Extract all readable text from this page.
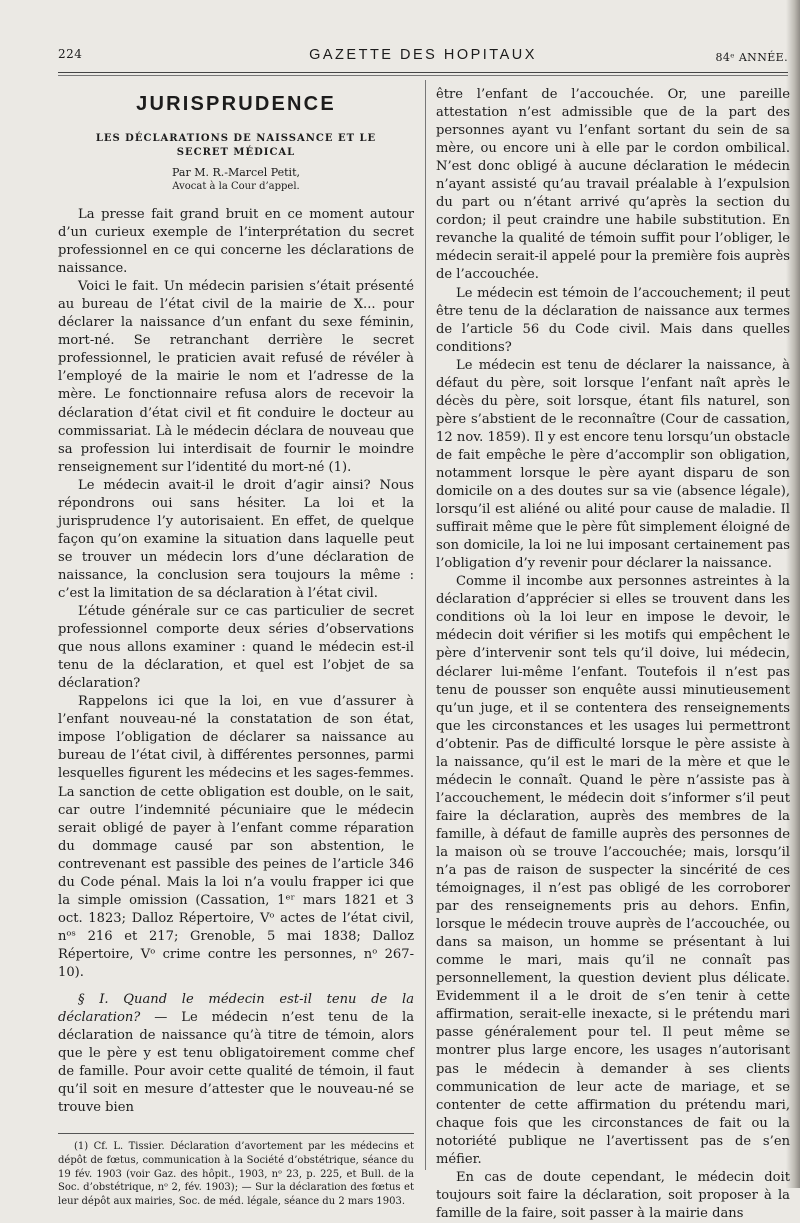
224	GAZETTE DES HOPITAUX	84ᵉ ANNÉE.
JURISPRUDENCE
LES DÉCLARATIONS DE NAISSANCE ET LE SECRET MÉDICAL
Par M. R.-Marcel Petit,
Avocat à la Cour d’appel.

La presse fait grand bruit en ce moment autour d’un curieux exemple de l’interprétation du secret professionnel en ce qui concerne les déclarations de naissance.

Voici le fait. Un médecin parisien s’était présenté au bureau de l’état civil de la mairie de X... pour déclarer la naissance d’un enfant du sexe féminin, mort-né. Se retranchant derrière le secret professionnel, le praticien avait refusé de révéler à l’employé de la mairie le nom et l’adresse de la mère. Le fonctionnaire refusa alors de recevoir la déclaration d’état civil et fit conduire le docteur au commissariat. Là le médecin déclara de nouveau que sa profession lui interdisait de fournir le moindre renseignement sur l’identité du mort-né (1).

Le médecin avait-il le droit d’agir ainsi? Nous répondrons oui sans hésiter. La loi et la jurisprudence l’y autorisaient. En effet, de quelque façon qu’on examine la situation dans laquelle peut se trouver un médecin lors d’une déclaration de naissance, la conclusion sera toujours la même : c’est la limitation de sa déclaration à l’état civil.

L’étude générale sur ce cas particulier de secret professionnel comporte deux séries d’observations que nous allons examiner : quand le médecin est-il tenu de la déclaration, et quel est l’objet de sa déclaration?

Rappelons ici que la loi, en vue d’assurer à l’enfant nouveau-né la constatation de son état, impose l’obligation de déclarer sa naissance au bureau de l’état civil, à différentes personnes, parmi lesquelles figurent les médecins et les sages-femmes. La sanction de cette obligation est double, on le sait, car outre l’indemnité pécuniaire que le médecin serait obligé de payer à l’enfant comme réparation du dommage causé par son abstention, le contrevenant est passible des peines de l’article 346 du Code pénal. Mais la loi n’a voulu frapper ici que la simple omission (Cassation, 1ᵉʳ mars 1821 et 3 oct. 1823; Dalloz Répertoire, Vᵒ actes de l’état civil, nᵒˢ 216 et 217; Grenoble, 5 mai 1838; Dalloz Répertoire, Vᵒ crime contre les personnes, nᵒ 267-10).

§ I. Quand le médecin est-il tenu de la déclaration? — Le médecin n’est tenu de la déclaration de naissance qu’à titre de témoin, alors que le père y est tenu obligatoirement comme chef de famille. Pour avoir cette qualité de témoin, il faut qu’il soit en mesure d’attester que le nouveau-né se trouve bien

(1) Cf. L. Tissier. Déclaration d’avortement par les médecins et dépôt de fœtus, communication à la Société d’obstétrique, séance du 19 fév. 1903 (voir Gaz. des hôpit., 1903, nᵒ 23, p. 225, et Bull. de la Soc. d’obstétrique, nᵒ 2, fév. 1903); — Sur la déclaration des fœtus et leur dépôt aux mairies, Soc. de méd. légale, séance du 2 mars 1903.

être l’enfant de l’accouchée. Or, une pareille attestation n’est admissible que de la part des personnes ayant vu l’enfant sortant du sein de sa mère, ou encore uni à elle par le cordon ombilical. N’est donc obligé à aucune déclaration le médecin n’ayant assisté qu’au travail préalable à l’expulsion du part ou n’étant arrivé qu’après la section du cordon; il peut craindre une habile substitution. En revanche la qualité de témoin suffit pour l’obliger, le médecin serait-il appelé pour la première fois auprès de l’accouchée.

Le médecin est témoin de l’accouchement; il peut être tenu de la déclaration de naissance aux termes de l’article 56 du Code civil. Mais dans quelles conditions?

Le médecin est tenu de déclarer la naissance, à défaut du père, soit lorsque l’enfant naît après le décès du père, soit lorsque, étant fils naturel, son père s’abstient de le reconnaître (Cour de cassation, 12 nov. 1859). Il y est encore tenu lorsqu’un obstacle de fait empêche le père d’accomplir son obligation, notamment lorsque le père ayant disparu de son domicile on a des doutes sur sa vie (absence légale), lorsqu’il est aliéné ou alité pour cause de maladie. Il suffirait même que le père fût simplement éloigné de son domicile, la loi ne lui imposant certainement pas l’obligation d’y revenir pour déclarer la naissance.

Comme il incombe aux personnes astreintes à la déclaration d’apprécier si elles se trouvent dans les conditions où la loi leur en impose le devoir, le médecin doit vérifier si les motifs qui empêchent le père d’intervenir sont tels qu’il doive, lui médecin, déclarer lui-même l’enfant. Toutefois il n’est pas tenu de pousser son enquête aussi minutieusement qu’un juge, et il se contentera des renseignements que les circonstances et les usages lui permettront d’obtenir. Pas de difficulté lorsque le père assiste à la naissance, qu’il est le mari de la mère et que le médecin le connaît. Quand le père n’assiste pas à l’accouchement, le médecin doit s’informer s’il peut faire la déclaration, auprès des membres de la famille, à défaut de famille auprès des personnes de la maison où se trouve l’accouchée; mais, lorsqu’il n’a pas de raison de suspecter la sincérité de ces témoignages, il n’est pas obligé de les corroborer par des renseignements pris au dehors. Enfin, lorsque le médecin trouve auprès de l’accouchée, ou dans sa maison, un homme se présentant à lui comme le mari, mais qu’il ne connaît pas personnellement, la question devient plus délicate. Evidemment il a le droit de s’en tenir à cette affirmation, serait-elle inexacte, si le prétendu mari passe généralement pour tel. Il peut même se montrer plus large encore, les usages n’autorisant pas le médecin à demander à ses clients communication de leur acte de mariage, et se contenter de cette affirmation du prétendu mari, chaque fois que les circonstances de fait ou la notoriété publique ne l’avertissent pas de s’en méfier.

En cas de doute cependant, le médecin doit toujours soit faire la déclaration, soit proposer à la famille de la faire, soit passer à la mairie dans
